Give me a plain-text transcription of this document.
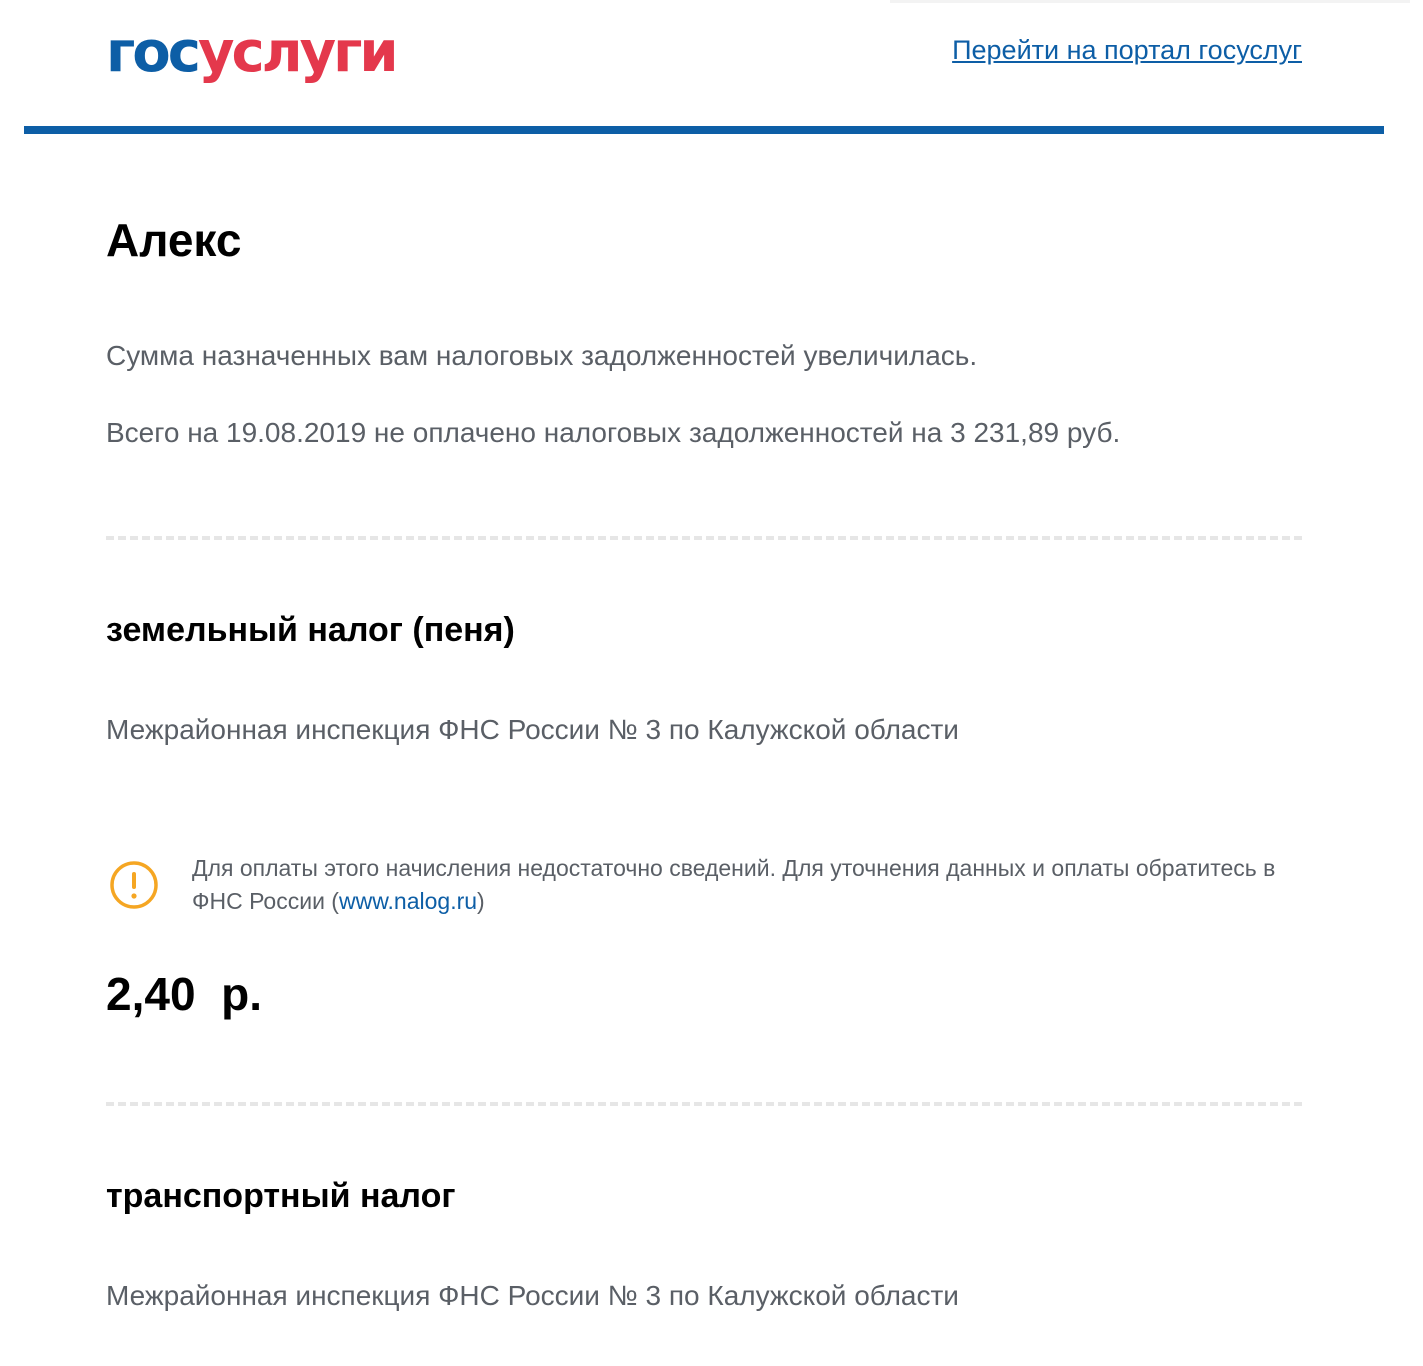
госуслуги	Перейти на портал госуслуг
Алекс
Сумма назначенных вам налоговых задолженностей увеличилась.
Всего на 19.08.2019 не оплачено налоговых задолженностей на 3 231,89 руб.
земельный налог (пеня)
Межрайонная инспекция ФНС России № 3 по Калужской области
Для оплаты этого начисления недостаточно сведений. Для уточнения данных и оплаты обратитесь в ФНС России (www.nalog.ru)
2,40  р.
транспортный налог
Межрайонная инспекция ФНС России № 3 по Калужской области
